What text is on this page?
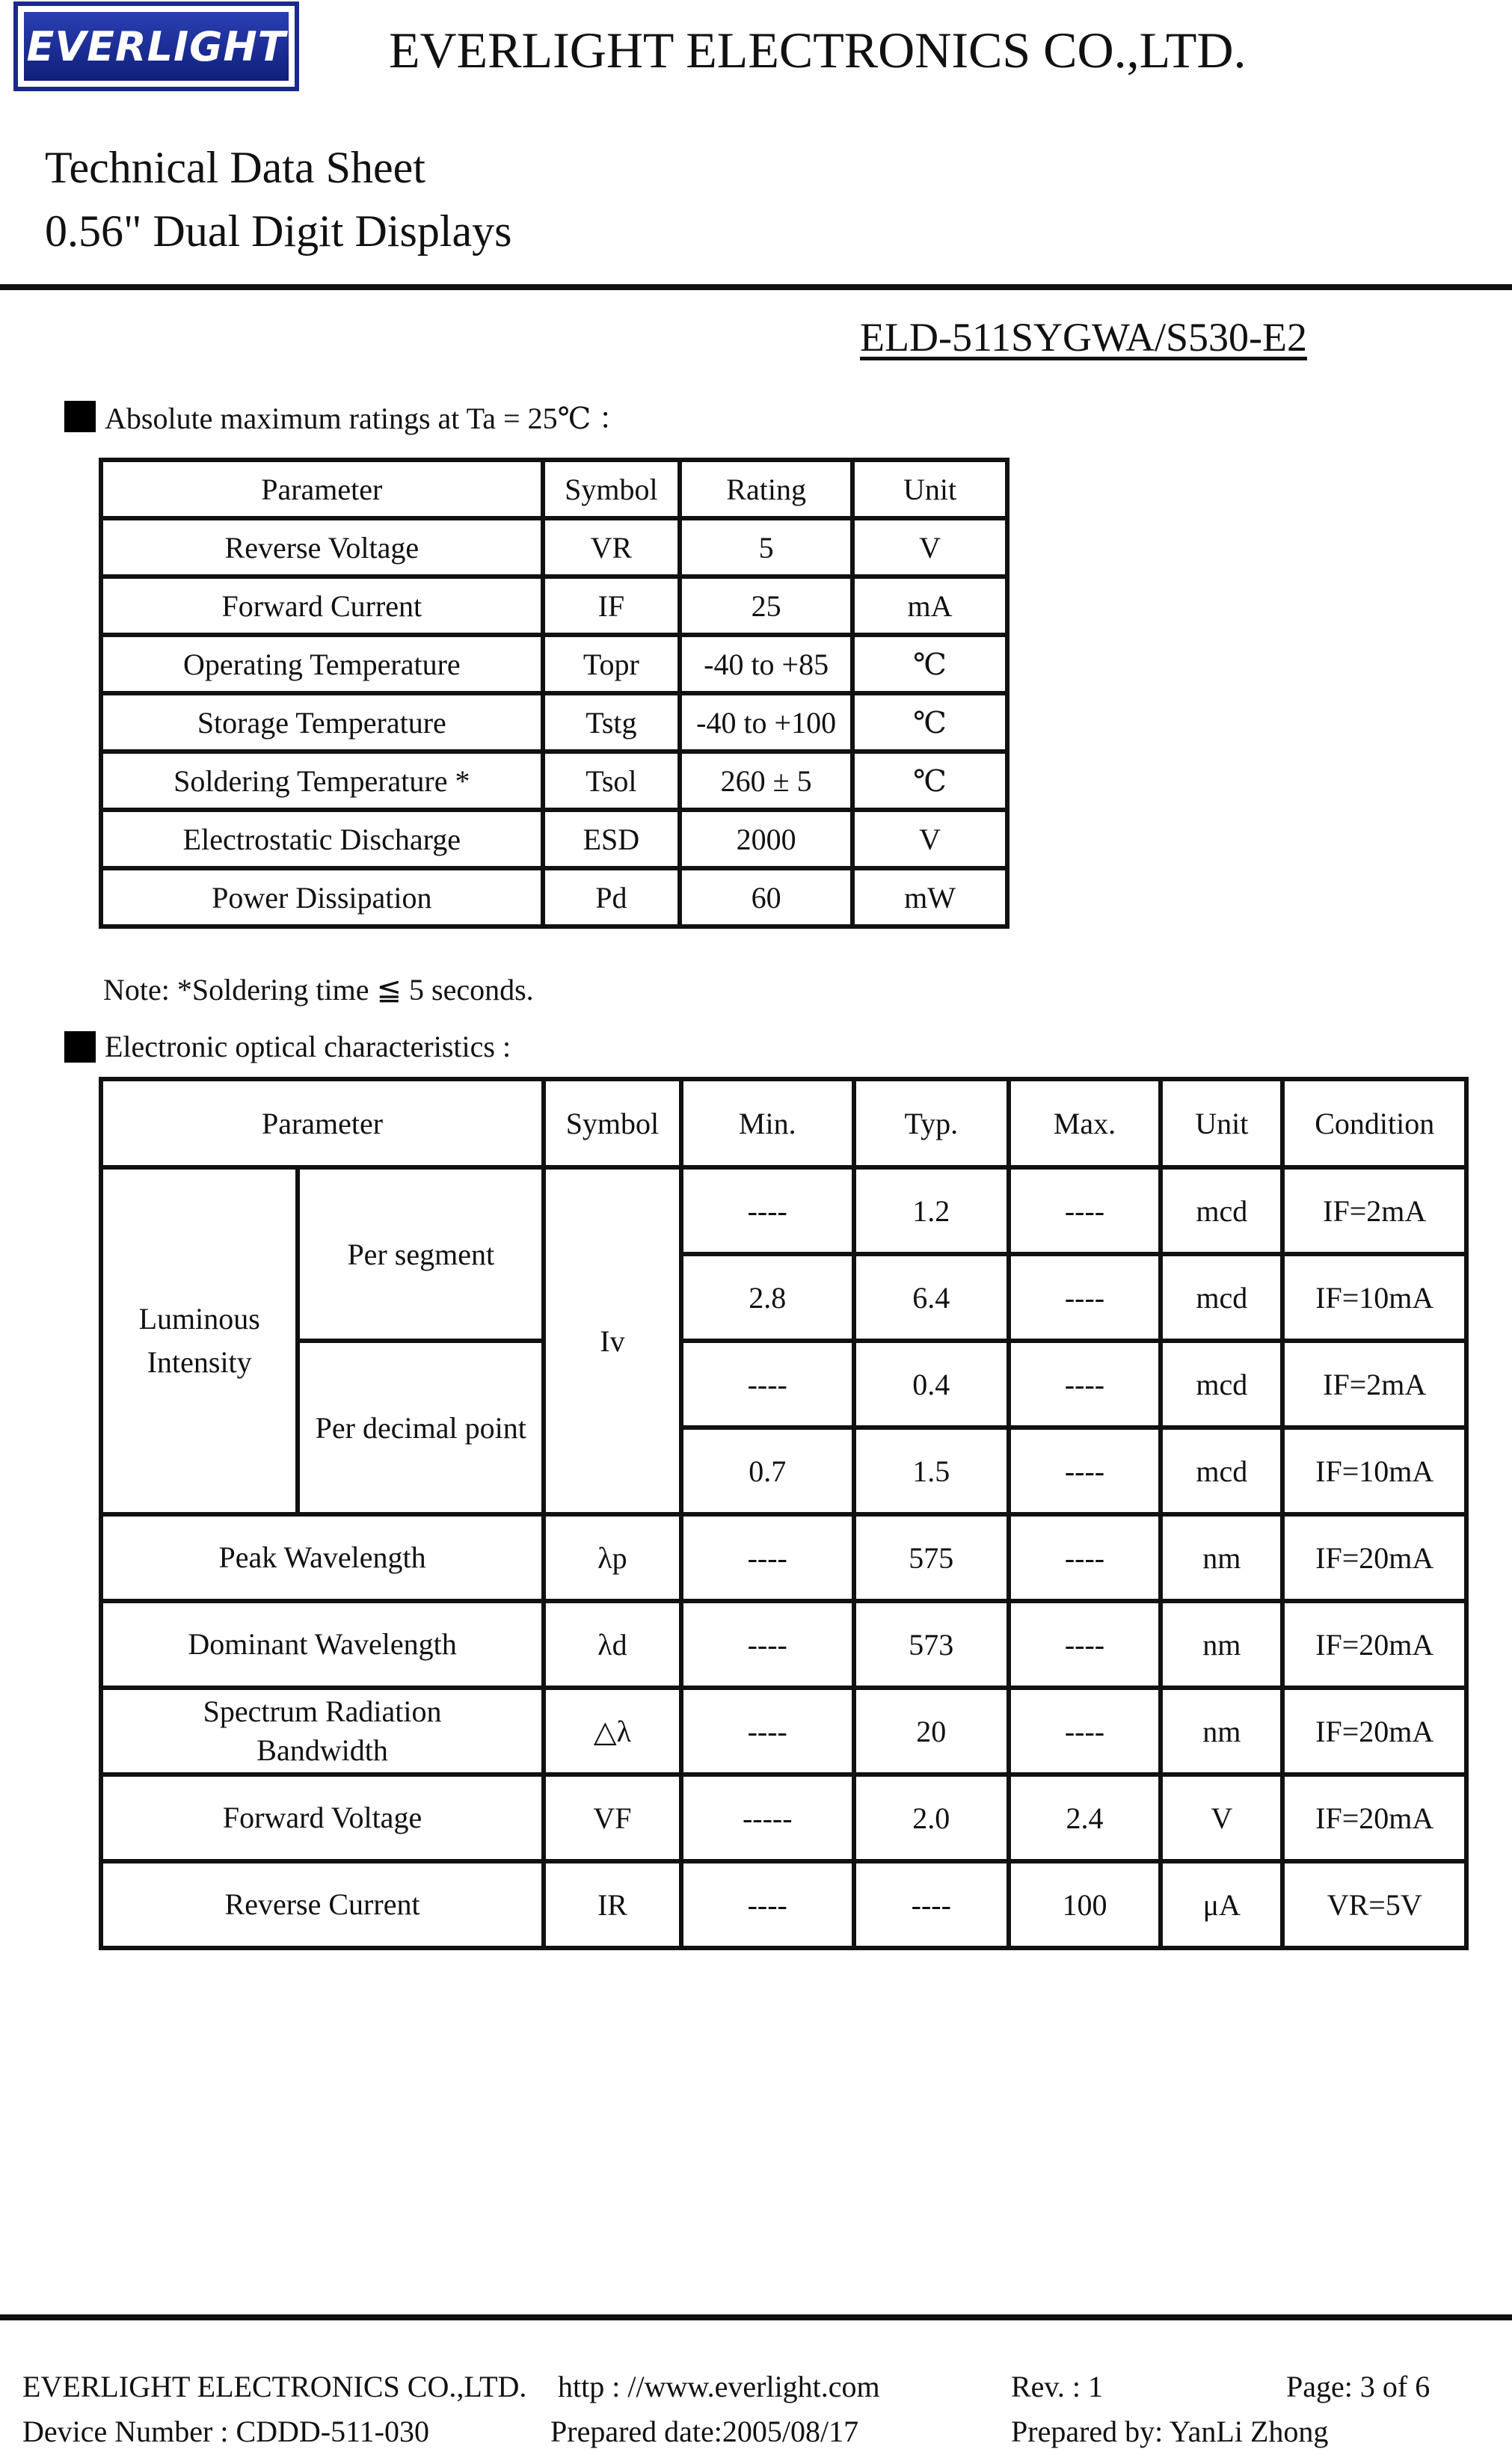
EVERLIGHT EVERLIGHT ELECTRONICS CO.,LTD.
Technical Data Sheet
0.56" Dual Digit Displays
ELD-511SYGWA/S530-E2
Absolute maximum ratings at Ta = 25℃ ：
Parameter	Symbol	Rating	Unit
Reverse Voltage	VR	5	V
Forward Current	IF	25	mA
Operating Temperature	Topr	-40 to +85	℃
Storage Temperature	Tstg	-40 to +100	℃
Soldering Temperature *	Tsol	260 ± 5	℃
Electrostatic Discharge	ESD	2000	V
Power Dissipation	Pd	60	mW
Note: *Soldering time ≦ 5 seconds.
Electronic optical characteristics :
Parameter		Symbol	Min.	Typ.	Max.	Unit	Condition
Luminous
Intensity	Per segment	Iv	----	1.2	----	mcd	IF=2mA
			2.8	6.4	----	mcd	IF=10mA
	Per decimal point		----	0.4	----	mcd	IF=2mA
			0.7	1.5	----	mcd	IF=10mA
Peak Wavelength		λp	----	575	----	nm	IF=20mA
Dominant Wavelength		λd	----	573	----	nm	IF=20mA
Spectrum Radiation Bandwidth		△λ	----	20	----	nm	IF=20mA
Forward Voltage		VF	-----	2.0	2.4	V	IF=20mA
Reverse Current		IR	----	----	100	μA	VR=5V
EVERLIGHT ELECTRONICS CO.,LTD. http : //www.everlight.com	Rev. : 1	Page: 3 of 6
Device Number : CDDD-511-030	Prepared date:2005/08/17	Prepared by: YanLi Zhong
